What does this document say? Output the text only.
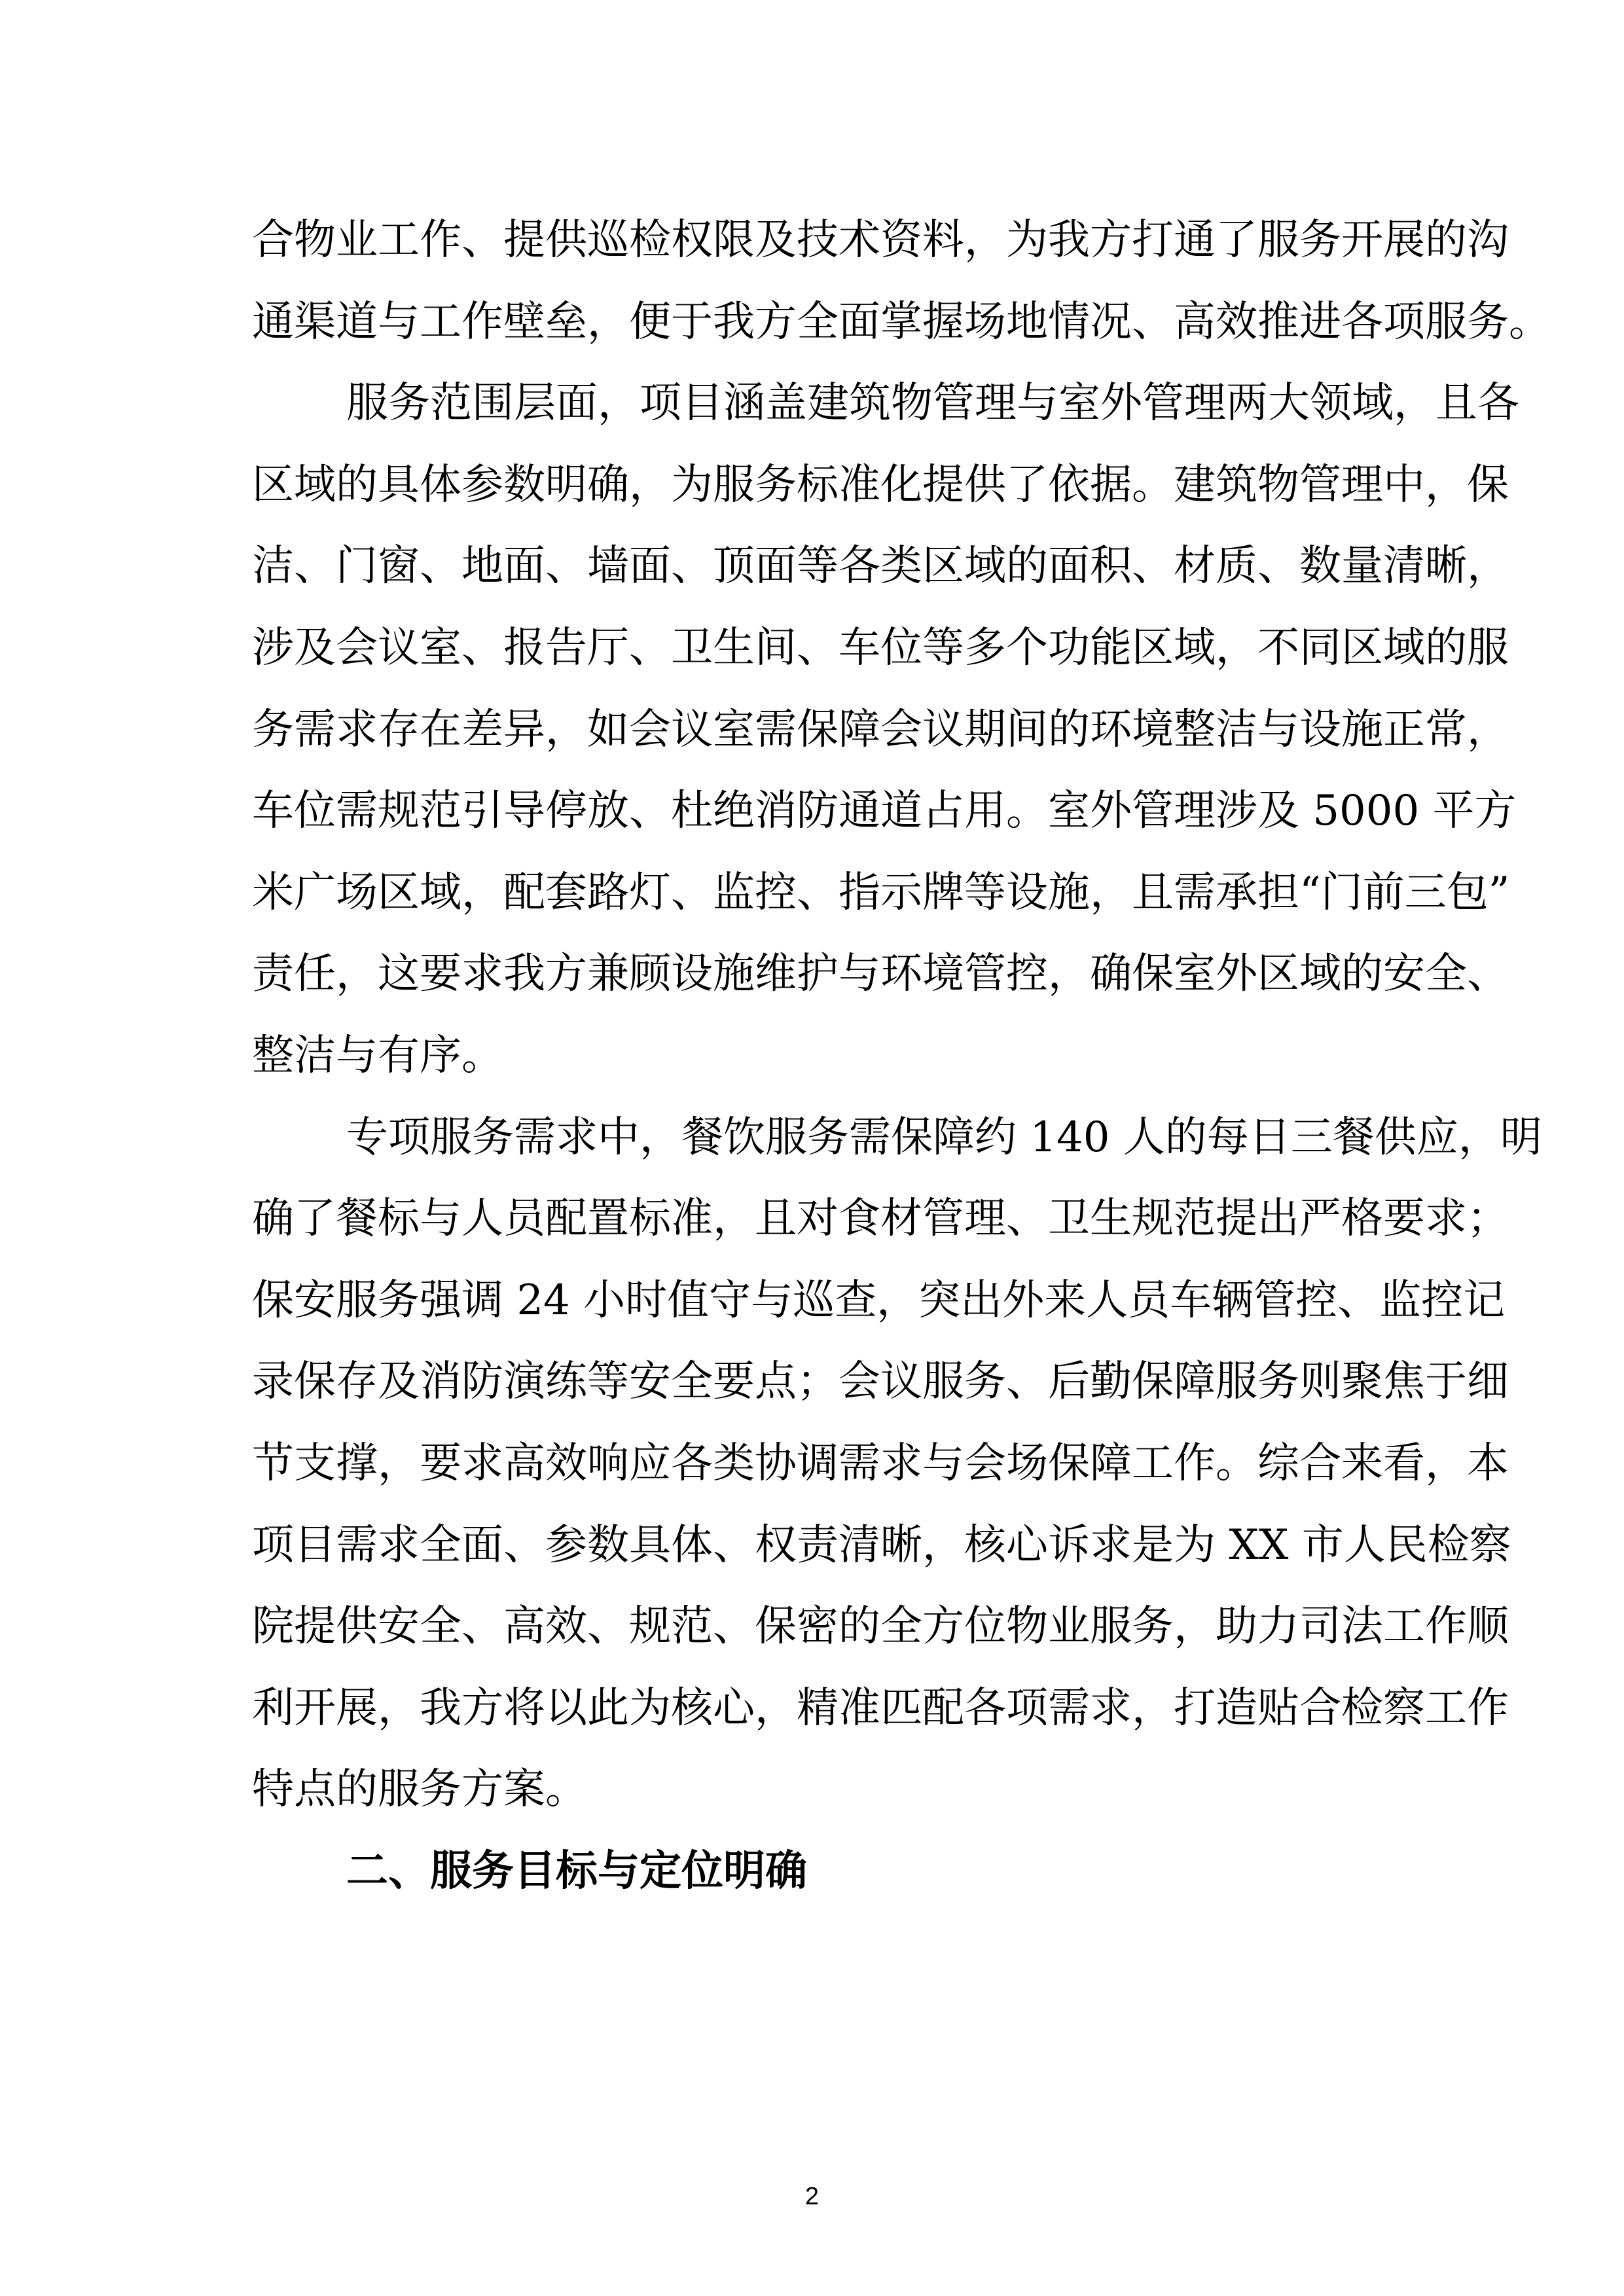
合物业工作、提供巡检权限及技术资料，为我方打通了服务开展的沟
通渠道与工作壁垒，便于我方全面掌握场地情况、高效推进各项服务。
服务范围层面，项目涵盖建筑物管理与室外管理两大领域，且各
区域的具体参数明确，为服务标准化提供了依据。建筑物管理中，保
洁、门窗、地面、墙面、顶面等各类区域的面积、材质、数量清晰，
涉及会议室、报告厅、卫生间、车位等多个功能区域，不同区域的服
务需求存在差异，如会议室需保障会议期间的环境整洁与设施正常，
车位需规范引导停放、杜绝消防通道占用。室外管理涉及 5000 平方
米广场区域，配套路灯、监控、指示牌等设施，且需承担“门前三包”
责任，这要求我方兼顾设施维护与环境管控，确保室外区域的安全、
整洁与有序。
专项服务需求中，餐饮服务需保障约 140 人的每日三餐供应，明
确了餐标与人员配置标准，且对食材管理、卫生规范提出严格要求；
保安服务强调 24 小时值守与巡查，突出外来人员车辆管控、监控记
录保存及消防演练等安全要点；会议服务、后勤保障服务则聚焦于细
节支撑，要求高效响应各类协调需求与会场保障工作。综合来看，本
项目需求全面、参数具体、权责清晰，核心诉求是为 XX 市人民检察
院提供安全、高效、规范、保密的全方位物业服务，助力司法工作顺
利开展，我方将以此为核心，精准匹配各项需求，打造贴合检察工作
特点的服务方案。
二、服务目标与定位明确
2
